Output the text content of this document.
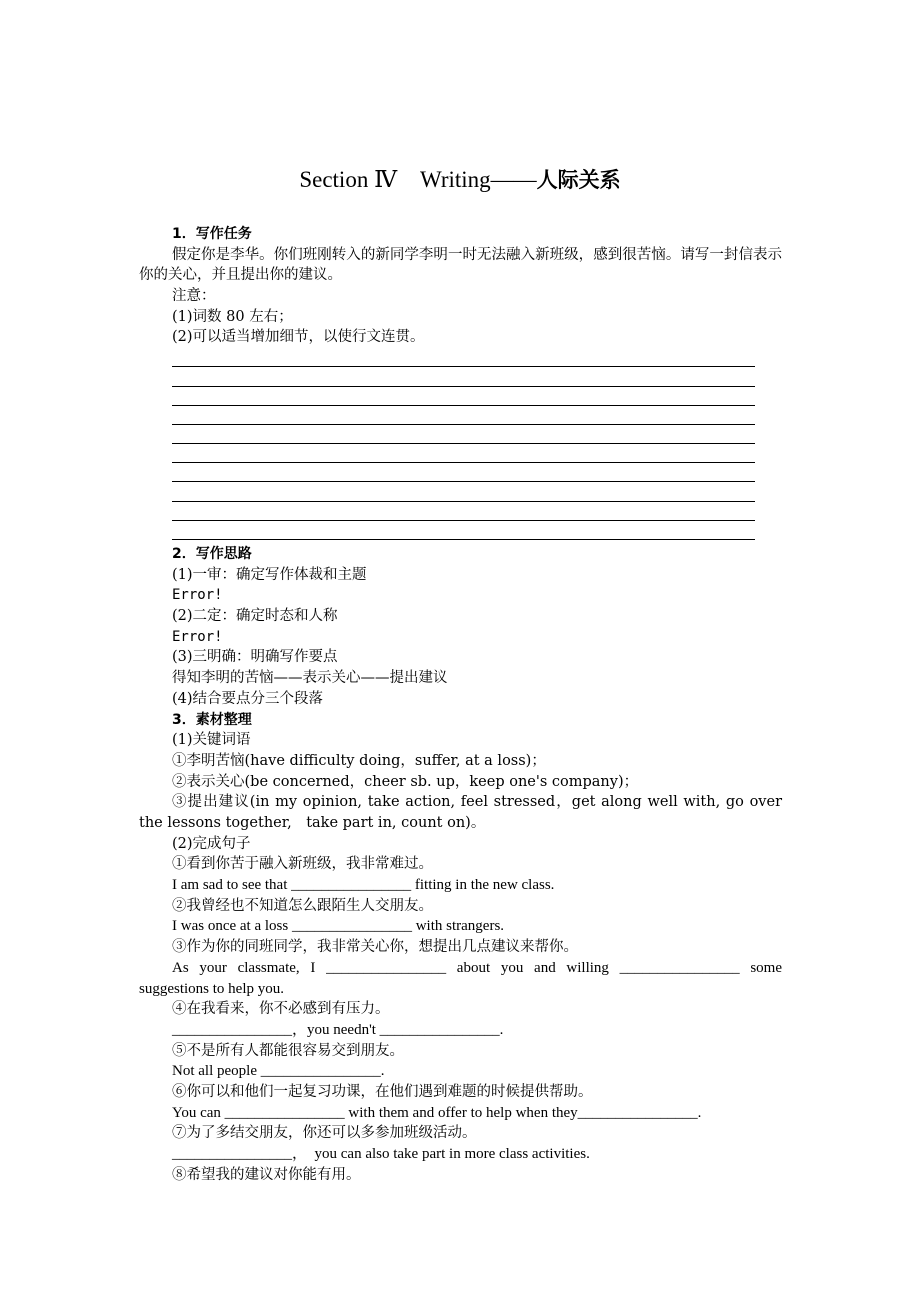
Section Ⅳ　Writing——人际关系
1．写作任务
假定你是李华。你们班刚转入的新同学李明一时无法融入新班级，感到很苦恼。请写一封信表示你的关心，并且提出你的建议。
注意：
(1)词数 80 左右；
(2)可以适当增加细节，以使行文连贯。
2．写作思路
(1)一审：确定写作体裁和主题
Error!
(2)二定：确定时态和人称
Error!
(3)三明确：明确写作要点
得知李明的苦恼——表示关心——提出建议
(4)结合要点分三个段落
3．素材整理
(1)关键词语
①李明苦恼(have difficulty doing，suffer, at a loss)；
②表示关心(be concerned，cheer sb. up，keep one's company)；
③提出建议(in my opinion, take action, feel stressed，get along well with, go over the lessons together,　take part in, count on)。
(2)完成句子
①看到你苦于融入新班级，我非常难过。
I am sad to see that ________________ fitting in the new class.
②我曾经也不知道怎么跟陌生人交朋友。
I was once at a loss ________________ with strangers.
③作为你的同班同学，我非常关心你，想提出几点建议来帮你。
As your classmate, I ________________ about you and willing ________________ some
suggestions to help you.
④在我看来，你不必感到有压力。
________________，you needn't ________________.
⑤不是所有人都能很容易交到朋友。
Not all people ________________.
⑥你可以和他们一起复习功课，在他们遇到难题的时候提供帮助。
You can ________________ with them and offer to help when they________________.
⑦为了多结交朋友，你还可以多参加班级活动。
________________，　you can also take part in more class activities.
⑧希望我的建议对你能有用。
